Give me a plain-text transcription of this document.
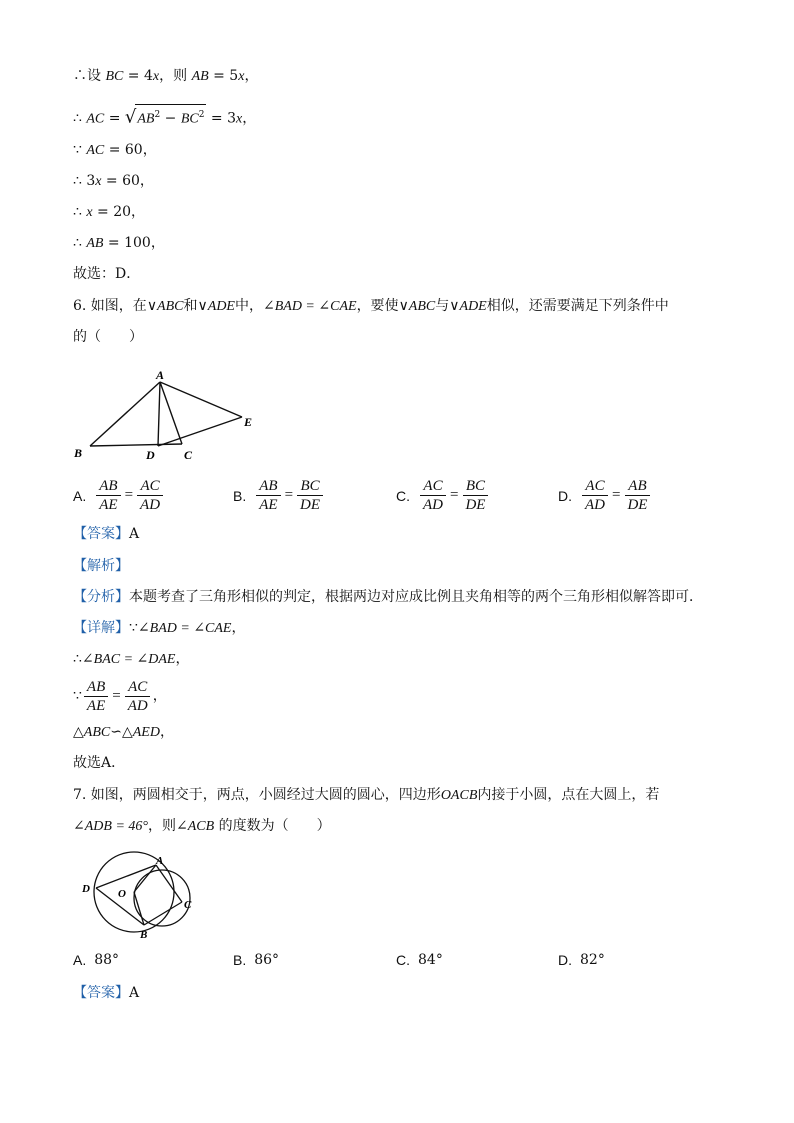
∴设 BC = 4x，则 AB = 5x，
∴ AC = $√AB^2 - BC^2 = 3x$，
∵ AC = 60，
∴ 3x = 60，
∴ x = 20，
∴ AB = 100，
故选：D．
6. 如图，在∨ABC和∨ADE中，∠BAD = ∠CAE，要使∨ABC与∨ADE相似，还需要满足下列条件中
的（　　）
A
B	D C
E
A. $\frac{AB}{AE} = \frac{AC}{AD}$	B. $\frac{AB}{AE} = \frac{BC}{DE}$	C. $\frac{AC}{AD} = \frac{BC}{DE}$	D. $\frac{AC}{AD} = \frac{AB}{DE}$
【答案】A
【解析】
【分析】本题考查了三角形相似的判定，根据两边对应成比例且夹角相等的两个三角形相似解答即可．
【详解】∵∠BAD = ∠CAE，
∴∠BAC = ∠DAE，
∵ $\frac{AB}{AE} = \frac{AC}{AD}$ ，
△ABC∽△AED，
故选A．
7. 如图，两圆相交于，两点，小圆经过大圆的圆心，四边形OACB内接于小圆，点在大圆上，若
∠ADB = 46°，则∠ACB 的度数为（　　）
A
D	O
C
B
A. 88°	B. 86°	C. 84°	D. 82°
【答案】A
